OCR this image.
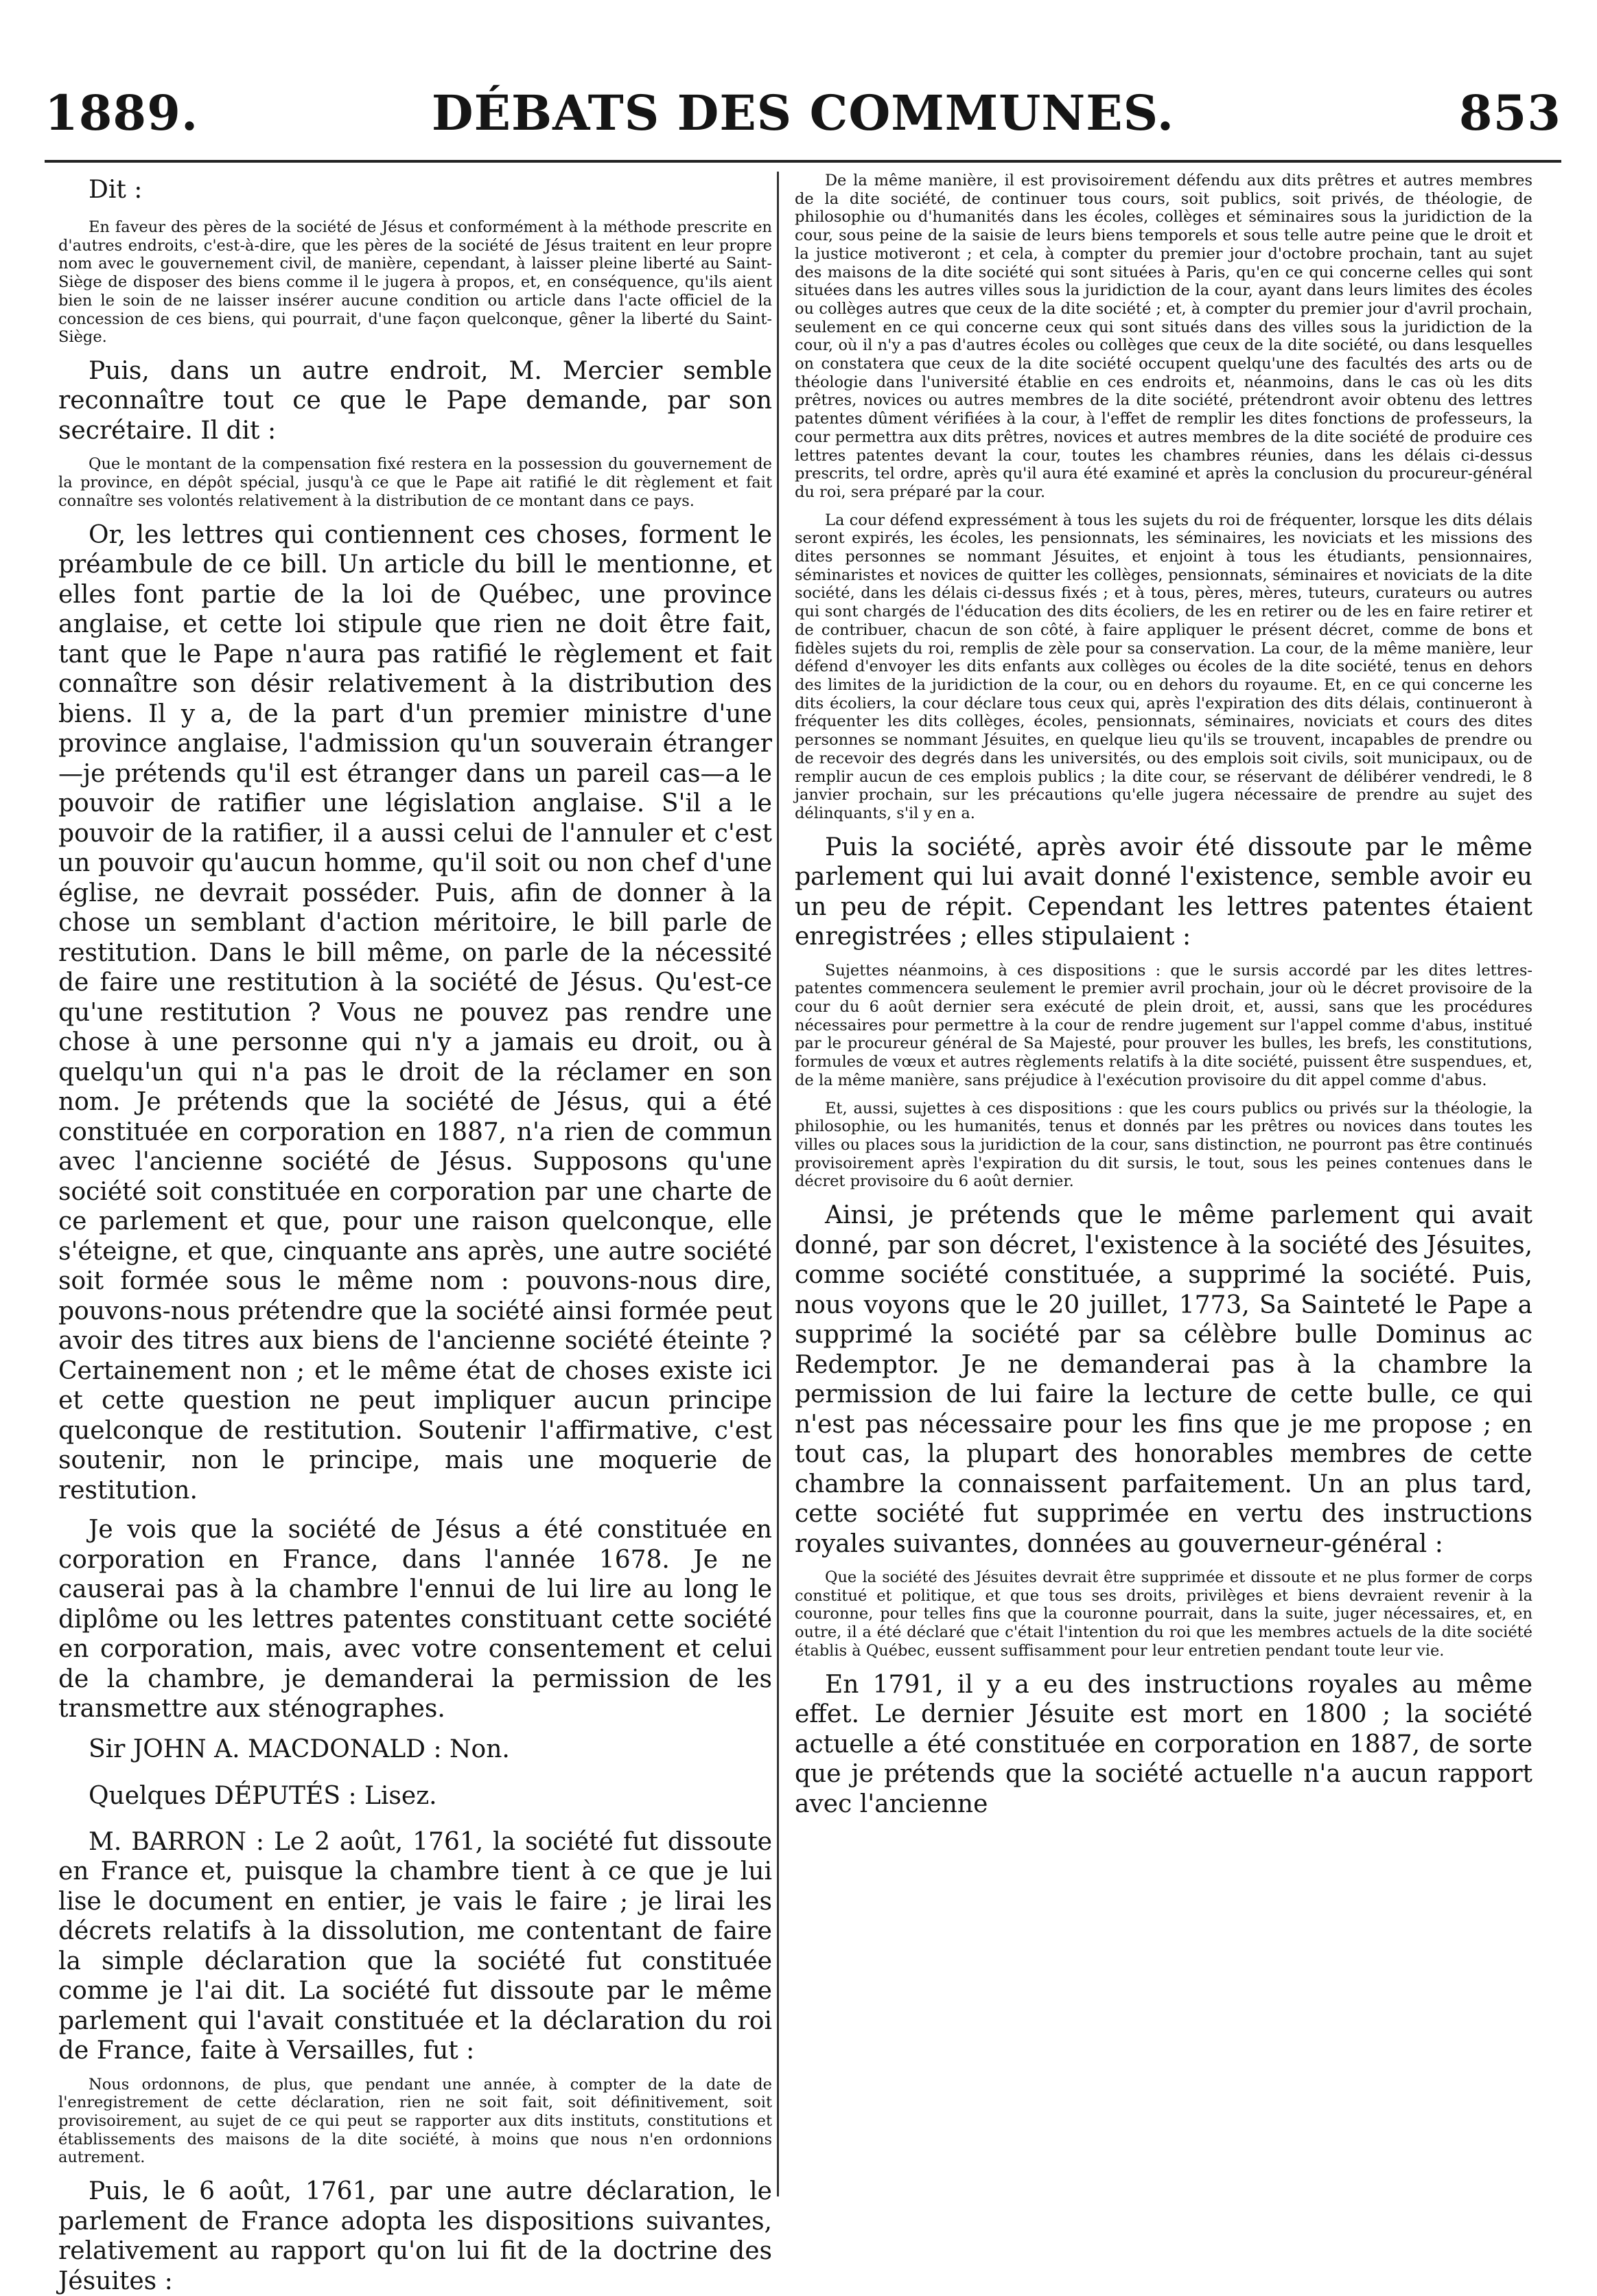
1889.	DÉBATS DES COMMUNES.	853

Dit :

En faveur des pères de la société de Jésus et conformément à la méthode prescrite en d'autres endroits, c'est-à-dire, que les pères de la société de Jésus traitent en leur propre nom avec le gouvernement civil, de manière, cependant, à laisser pleine liberté au Saint-Siège de disposer des biens comme il le jugera à propos, et, en conséquence, qu'ils aient bien le soin de ne laisser insérer aucune condition ou article dans l'acte officiel de la concession de ces biens, qui pourrait, d'une façon quelconque, gêner la liberté du Saint-Siège.

Puis, dans un autre endroit, M. Mercier semble reconnaître tout ce que le Pape demande, par son secrétaire. Il dit :

Que le montant de la compensation fixé restera en la possession du gouvernement de la province, en dépôt spécial, jusqu'à ce que le Pape ait ratifié le dit règlement et fait connaître ses volontés relativement à la distribution de ce montant dans ce pays.

Or, les lettres qui contiennent ces choses, forment le préambule de ce bill. Un article du bill le mentionne, et elles font partie de la loi de Québec, une province anglaise, et cette loi stipule que rien ne doit être fait, tant que le Pape n'aura pas ratifié le règlement et fait connaître son désir relativement à la distribution des biens. Il y a, de la part d'un premier ministre d'une province anglaise, l'admission qu'un souverain étranger—je prétends qu'il est étranger dans un pareil cas—a le pouvoir de ratifier une législation anglaise. S'il a le pouvoir de la ratifier, il a aussi celui de l'annuler et c'est un pouvoir qu'aucun homme, qu'il soit ou non chef d'une église, ne devrait posséder. Puis, afin de donner à la chose un semblant d'action méritoire, le bill parle de restitution. Dans le bill même, on parle de la nécessité de faire une restitution à la société de Jésus. Qu'est-ce qu'une restitution ? Vous ne pouvez pas rendre une chose à une personne qui n'y a jamais eu droit, ou à quelqu'un qui n'a pas le droit de la réclamer en son nom. Je prétends que la société de Jésus, qui a été constituée en corporation en 1887, n'a rien de commun avec l'ancienne société de Jésus. Supposons qu'une société soit constituée en corporation par une charte de ce parlement et que, pour une raison quelconque, elle s'éteigne, et que, cinquante ans après, une autre société soit formée sous le même nom : pouvons-nous dire, pouvons-nous prétendre que la société ainsi formée peut avoir des titres aux biens de l'ancienne société éteinte ? Certainement non ; et le même état de choses existe ici et cette question ne peut impliquer aucun principe quelconque de restitution. Soutenir l'affirmative, c'est soutenir, non le principe, mais une moquerie de restitution.

Je vois que la société de Jésus a été constituée en corporation en France, dans l'année 1678. Je ne causerai pas à la chambre l'ennui de lui lire au long le diplôme ou les lettres patentes constituant cette société en corporation, mais, avec votre consentement et celui de la chambre, je demanderai la permission de les transmettre aux sténographes.

Sir JOHN A. MACDONALD : Non.

Quelques DÉPUTÉS : Lisez.

M. BARRON : Le 2 août, 1761, la société fut dissoute en France et, puisque la chambre tient à ce que je lui lise le document en entier, je vais le faire ; je lirai les décrets relatifs à la dissolution, me contentant de faire la simple déclaration que la société fut constituée comme je l'ai dit. La société fut dissoute par le même parlement qui l'avait constituée et la déclaration du roi de France, faite à Versailles, fut :

Nous ordonnons, de plus, que pendant une année, à compter de la date de l'enregistrement de cette déclaration, rien ne soit fait, soit définitivement, soit provisoirement, au sujet de ce qui peut se rapporter aux dits instituts, constitutions et établissements des maisons de la dite société, à moins que nous n'en ordonnions autrement.

Puis, le 6 août, 1761, par une autre déclaration, le parlement de France adopta les dispositions suivantes, relativement au rapport qu'on lui fit de la doctrine des Jésuites :

De la même manière, il est provisoirement défendu aux dits prêtres et autres membres de la dite société, de continuer tous cours, soit publics, soit privés, de théologie, de philosophie ou d'humanités dans les écoles, collèges et séminaires sous la juridiction de la cour, sous peine de la saisie de leurs biens temporels et sous telle autre peine que le droit et la justice motiveront ; et cela, à compter du premier jour d'octobre prochain, tant au sujet des maisons de la dite société qui sont situées à Paris, qu'en ce qui concerne celles qui sont situées dans les autres villes sous la juridiction de la cour, ayant dans leurs limites des écoles ou collèges autres que ceux de la dite société ; et, à compter du premier jour d'avril prochain, seulement en ce qui concerne ceux qui sont situés dans des villes sous la juridiction de la cour, où il n'y a pas d'autres écoles ou collèges que ceux de la dite société, ou dans lesquelles on constatera que ceux de la dite société occupent quelqu'une des facultés des arts ou de théologie dans l'université établie en ces endroits et, néanmoins, dans le cas où les dits prêtres, novices ou autres membres de la dite société, prétendront avoir obtenu des lettres patentes dûment vérifiées à la cour, à l'effet de remplir les dites fonctions de professeurs, la cour permettra aux dits prêtres, novices et autres membres de la dite société de produire ces lettres patentes devant la cour, toutes les chambres réunies, dans les délais ci-dessus prescrits, tel ordre, après qu'il aura été examiné et après la conclusion du procureur-général du roi, sera préparé par la cour.

La cour défend expressément à tous les sujets du roi de fréquenter, lorsque les dits délais seront expirés, les écoles, les pensionnats, les séminaires, les noviciats et les missions des dites personnes se nommant Jésuites, et enjoint à tous les étudiants, pensionnaires, séminaristes et novices de quitter les collèges, pensionnats, séminaires et noviciats de la dite société, dans les délais ci-dessus fixés ; et à tous, pères, mères, tuteurs, curateurs ou autres qui sont chargés de l'éducation des dits écoliers, de les en retirer ou de les en faire retirer et de contribuer, chacun de son côté, à faire appliquer le présent décret, comme de bons et fidèles sujets du roi, remplis de zèle pour sa conservation. La cour, de la même manière, leur défend d'envoyer les dits enfants aux collèges ou écoles de la dite société, tenus en dehors des limites de la juridiction de la cour, ou en dehors du royaume. Et, en ce qui concerne les dits écoliers, la cour déclare tous ceux qui, après l'expiration des dits délais, continueront à fréquenter les dits collèges, écoles, pensionnats, séminaires, noviciats et cours des dites personnes se nommant Jésuites, en quelque lieu qu'ils se trouvent, incapables de prendre ou de recevoir des degrés dans les universités, ou des emplois soit civils, soit municipaux, ou de remplir aucun de ces emplois publics ; la dite cour, se réservant de délibérer vendredi, le 8 janvier prochain, sur les précautions qu'elle jugera nécessaire de prendre au sujet des délinquants, s'il y en a.

Puis la société, après avoir été dissoute par le même parlement qui lui avait donné l'existence, semble avoir eu un peu de répit. Cependant les lettres patentes étaient enregistrées ; elles stipulaient :

Sujettes néanmoins, à ces dispositions : que le sursis accordé par les dites lettres-patentes commencera seulement le premier avril prochain, jour où le décret provisoire de la cour du 6 août dernier sera exécuté de plein droit, et, aussi, sans que les procédures nécessaires pour permettre à la cour de rendre jugement sur l'appel comme d'abus, institué par le procureur général de Sa Majesté, pour prouver les bulles, les brefs, les constitutions, formules de vœux et autres règlements relatifs à la dite société, puissent être suspendues, et, de la même manière, sans préjudice à l'exécution provisoire du dit appel comme d'abus.

Et, aussi, sujettes à ces dispositions : que les cours publics ou privés sur la théologie, la philosophie, ou les humanités, tenus et donnés par les prêtres ou novices dans toutes les villes ou places sous la juridiction de la cour, sans distinction, ne pourront pas être continués provisoirement après l'expiration du dit sursis, le tout, sous les peines contenues dans le décret provisoire du 6 août dernier.

Ainsi, je prétends que le même parlement qui avait donné, par son décret, l'existence à la société des Jésuites, comme société constituée, a supprimé la société. Puis, nous voyons que le 20 juillet, 1773, Sa Sainteté le Pape a supprimé la société par sa célèbre bulle Dominus ac Redemptor. Je ne demanderai pas à la chambre la permission de lui faire la lecture de cette bulle, ce qui n'est pas nécessaire pour les fins que je me propose ; en tout cas, la plupart des honorables membres de cette chambre la connaissent parfaitement. Un an plus tard, cette société fut supprimée en vertu des instructions royales suivantes, données au gouverneur-général :

Que la société des Jésuites devrait être supprimée et dissoute et ne plus former de corps constitué et politique, et que tous ses droits, privilèges et biens devraient revenir à la couronne, pour telles fins que la couronne pourrait, dans la suite, juger nécessaires, et, en outre, il a été déclaré que c'était l'intention du roi que les membres actuels de la dite société établis à Québec, eussent suffisamment pour leur entretien pendant toute leur vie.

En 1791, il y a eu des instructions royales au même effet. Le dernier Jésuite est mort en 1800 ; la société actuelle a été constituée en corporation en 1887, de sorte que je prétends que la société actuelle n'a aucun rapport avec l'ancienne
